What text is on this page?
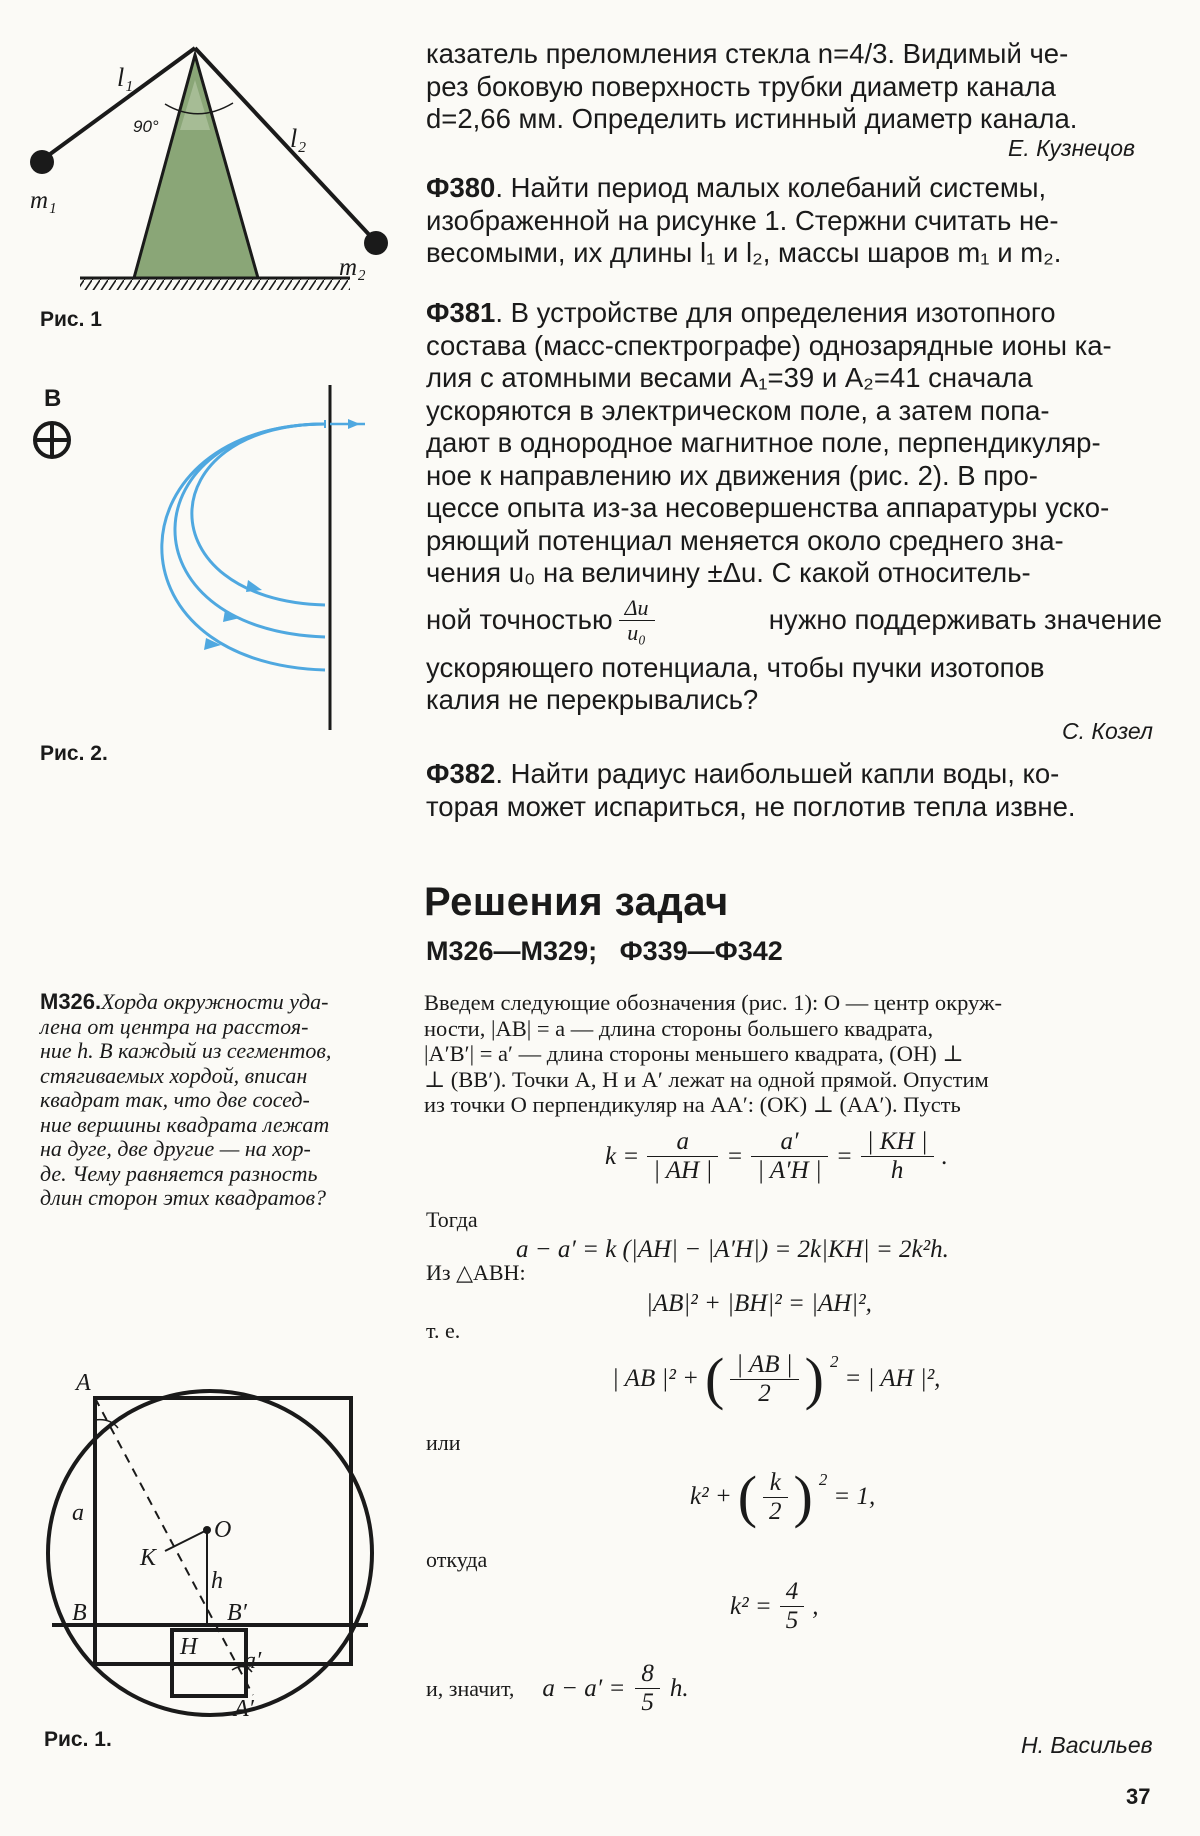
l₁
l₂
90°
m₁
m₂
Рис. 1
B
Рис. 2.
казатель преломления стекла n=4/3. Видимый че-
рез боковую поверхность трубки диаметр канала
d=2,66 мм. Определить истинный диаметр канала.
Е. Кузнецов
Ф380. Найти период малых колебаний системы,
изображенной на рисунке 1. Стержни считать не-
весомыми, их длины l₁ и l₂, массы шаров m₁ и m₂.
Ф381. В устройстве для определения изотопного
состава (масс-спектрографе) однозарядные ионы ка-
лия с атомными весами A₁=39 и A₂=41 сначала
ускоряются в электрическом поле, а затем попа-
дают в однородное магнитное поле, перпендикуляр-
ное к направлению их движения (рис. 2). В про-
цессе опыта из-за несовершенства аппаратуры уско-
ряющий потенциал меняется около среднего зна-
чения u₀ на величину ±Δu. С какой относитель-
ной точностью $\frac{\Delta u}{\text{u₀}}$	нужно поддерживать значение
ускоряющего потенциала, чтобы пучки изотопов
калия не перекрывались?
С. Козел
Ф382. Найти радиус наибольшей капли воды, ко-
торая может испариться, не поглотив тепла извне.
Решения задач
М326—М329;   Ф339—Ф342
М326.Хорда окружности уда-
лена от центра на расстоя-
ние h. В каждый из сегментов,
стягиваемых хордой, вписан
квадрат так, что две сосед-
ние вершины квадрата лежат
на дуге, две другие — на хор-
де. Чему равняется разность
длин сторон этих квадратов?
Введем следующие обозначения (рис. 1): O — центр окруж-
ности, |AB| = a — длина стороны большего квадрата,
|A′B′| = a′ — длина стороны меньшего квадрата, (OH) ⊥
⊥ (BB′). Точки A, H и A′ лежат на одной прямой. Опустим
из точки O перпендикуляр на AA′: (OK) ⊥ (AA′). Пусть
$k = \frac{a}{| AH |} = \frac{a'}{| A'H |} = \frac{| KH |}{h}$ .
Тогда
a − a′ = k (|AH| − |A′H|) = 2k|KH| = 2k²h.
Из △ABH:
|AB|² + |BH|² = |AH|²,
т. е.
| AB |² + ( $\frac{| AB |}{2}$ ) $^2$
= | AH |²,
или
k² + ( $\frac{k}{2}$ ) $^2$
= 1,
откуда
$k^2 = \frac{4}{5}$ ,
и, значит, $a - a' = \frac{8}{5} h$.
Н. Васильев
37
A
a
O
K
h
B	B′
H
a′
A′
Рис. 1.
